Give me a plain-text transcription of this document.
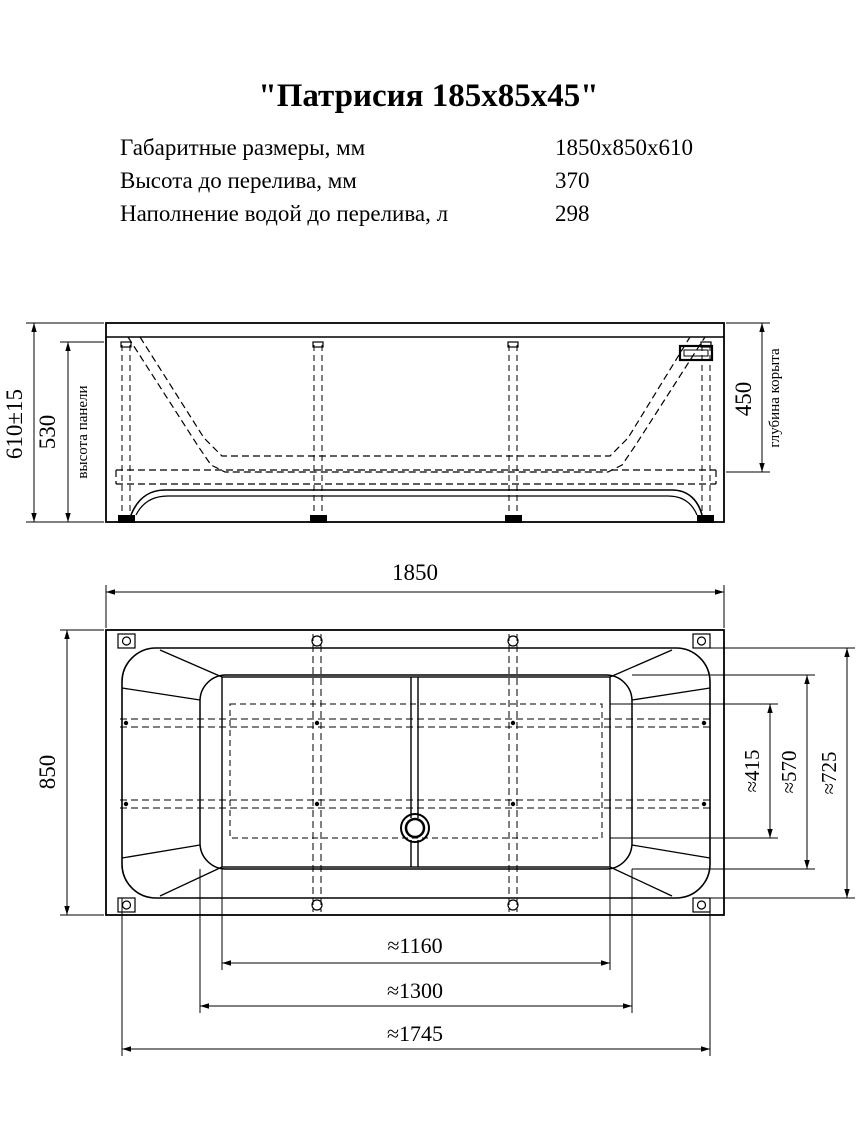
"Патрисия 185x85x45"
Габаритные размеры, мм	1850x850x610
Высота до перелива, мм	370
Наполнение водой до перелива, л	298
610±15 530 высота панели	450 глубина корыта
1850
850	≈415 ≈570 ≈725
≈1160
≈1300
≈1745
